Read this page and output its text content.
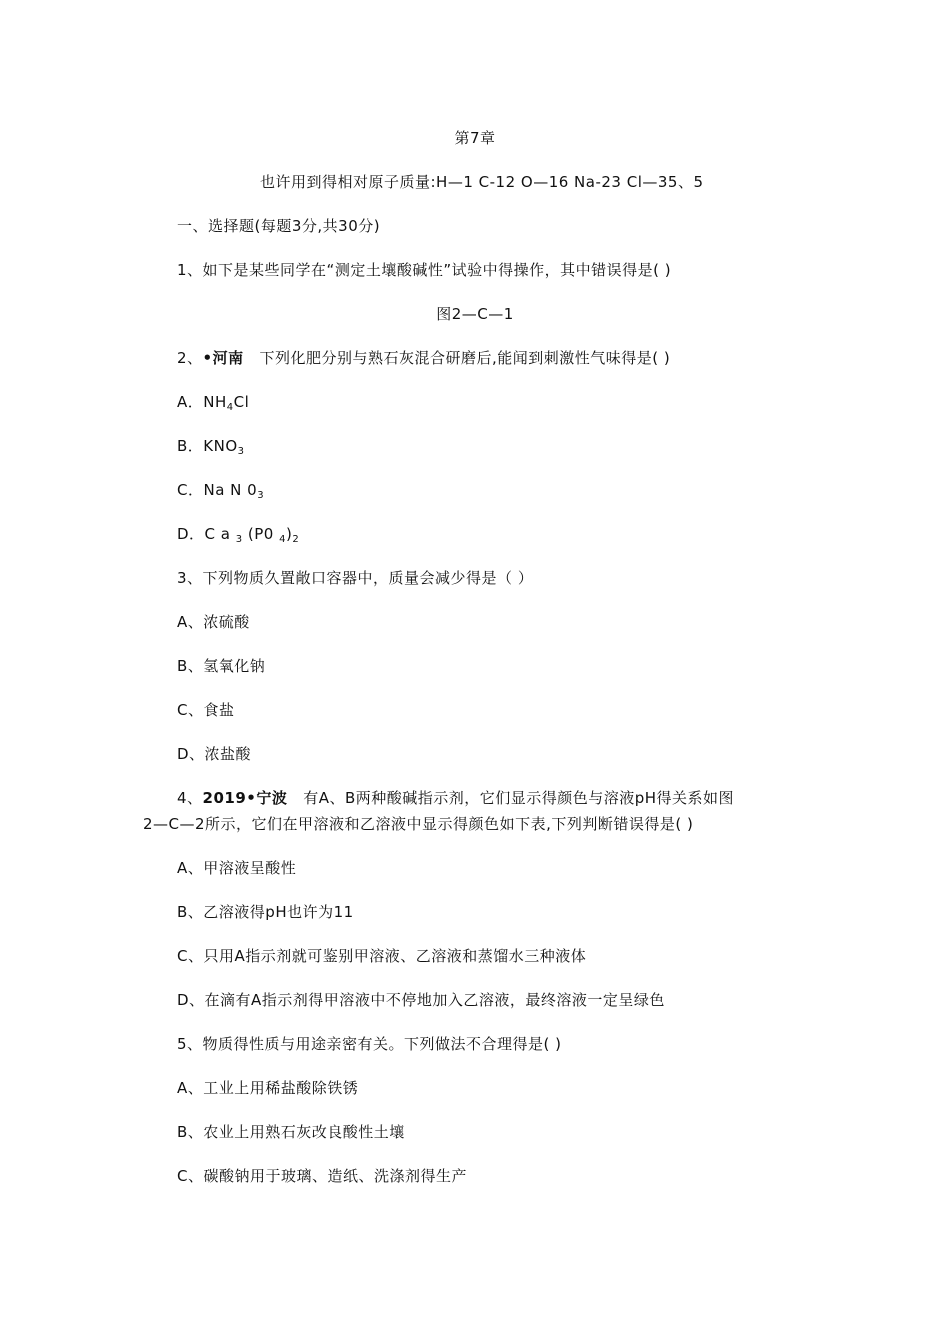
第7章
也许用到得相对原子质量:H—1 C-12 O—16 Na-23 Cl—35、5
一、选择题(每题3分,共30分)
1、如下是某些同学在“测定土壤酸碱性”试验中得操作，其中错误得是( )
图2—C—1
2、•河南 下列化肥分别与熟石灰混合研磨后,能闻到刺激性气味得是( )
A．$NH_4Cl$
B．$KNO_3$
C．Na N $0_3$
D．C a $_3$ (P0 $_4)_2$
3、下列物质久置敞口容器中，质量会减少得是（ ）
A、浓硫酸
B、氢氧化钠
C、食盐
D、浓盐酸
4、2019•宁波 有A、B两种酸碱指示剂，它们显示得颜色与溶液pH得关系如图
2—C—2所示，它们在甲溶液和乙溶液中显示得颜色如下表,下列判断错误得是( )
A、甲溶液呈酸性
B、乙溶液得pH也许为11
C、只用A指示剂就可鉴别甲溶液、乙溶液和蒸馏水三种液体
D、在滴有A指示剂得甲溶液中不停地加入乙溶液，最终溶液一定呈绿色
5、物质得性质与用途亲密有关。下列做法不合理得是( )
A、工业上用稀盐酸除铁锈
B、农业上用熟石灰改良酸性土壤
C、碳酸钠用于玻璃、造纸、洗涤剂得生产
